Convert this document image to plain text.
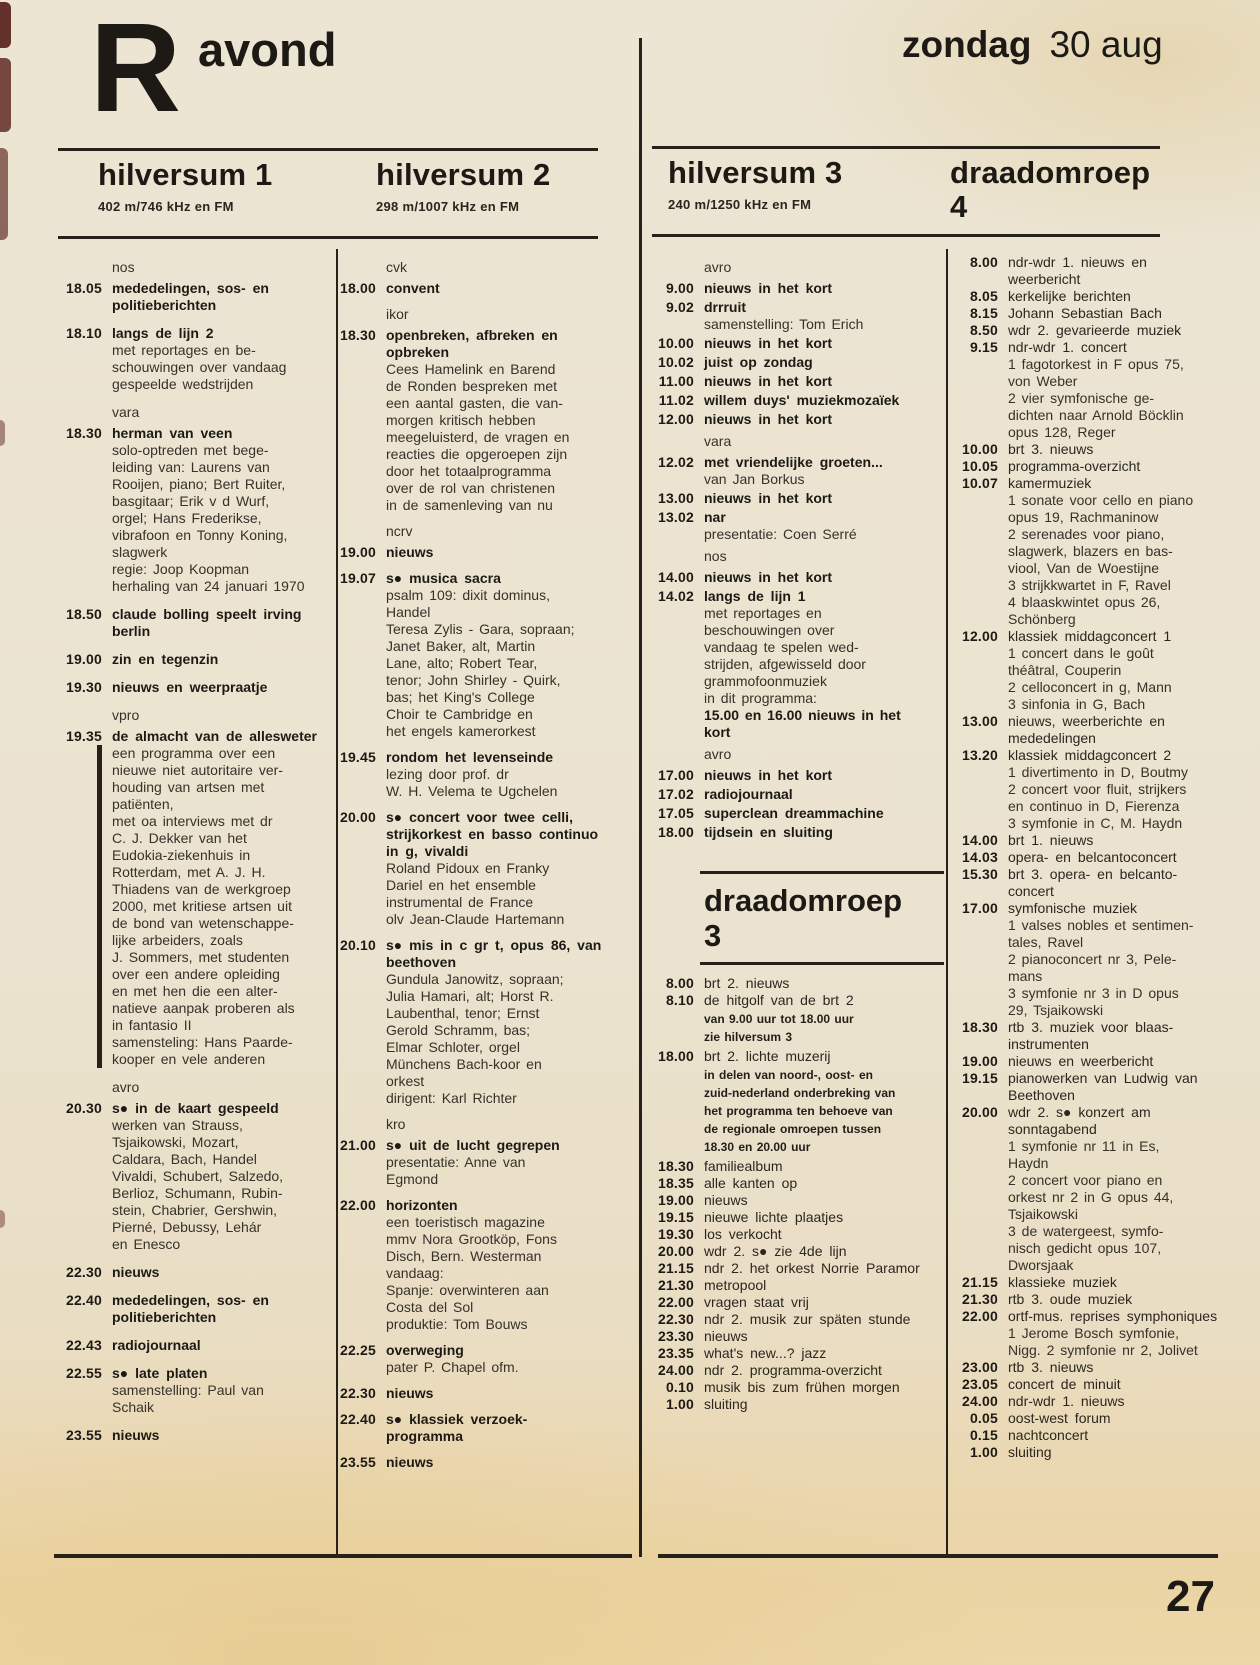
R avond	zondag 30 aug
hilversum 1
402 m/746 kHz en FM
hilversum 2
298 m/1007 kHz en FM
hilversum 3
240 m/1250 kHz en FM
draadomroep
4
nos
18.05 mededelingen, sos- en politieberichten
18.10 langs de lijn 2
met reportages en be-
schouwingen over vandaag
gespeelde wedstrijden
vara
18.30 herman van veen
solo-optreden met bege-
leiding van: Laurens van
Rooijen, piano; Bert Ruiter,
basgitaar; Erik v d Wurf,
orgel; Hans Frederikse,
vibrafoon en Tonny Koning,
slagwerk
regie: Joop Koopman
herhaling van 24 januari 1970
18.50 claude bolling speelt irving berlin
19.00 zin en tegenzin
19.30 nieuws en weerpraatje
vpro
19.35 de almacht van de allesweter
een programma over een
nieuwe niet autoritaire ver-
houding van artsen met
patiënten,
met oa interviews met dr
C. J. Dekker van het
Eudokia-ziekenhuis in
Rotterdam, met A. J. H.
Thiadens van de werkgroep
2000, met kritiese artsen uit
de bond van wetenschappe-
lijke arbeiders, zoals
J. Sommers, met studenten
over een andere opleiding
en met hen die een alter-
natieve aanpak proberen als
in fantasio II
samensteling: Hans Paarde-
kooper en vele anderen
avro
20.30 s● in de kaart gespeeld
werken van Strauss,
Tsjaikowski, Mozart,
Caldara, Bach, Handel
Vivaldi, Schubert, Salzedo,
Berlioz, Schumann, Rubin-
stein, Chabrier, Gershwin,
Pierné, Debussy, Lehár
en Enesco
22.30 nieuws
22.40 mededelingen, sos- en politieberichten
22.43 radiojournaal
22.55 s● late platen
samenstelling: Paul van
Schaik
23.55 nieuws
cvk
18.00 convent
ikor
18.30 openbreken, afbreken en opbreken
Cees Hamelink en Barend
de Ronden bespreken met
een aantal gasten, die van-
morgen kritisch hebben
meegeluisterd, de vragen en
reacties die opgeroepen zijn
door het totaalprogramma
over de rol van christenen
in de samenleving van nu
ncrv
19.00 nieuws
19.07 s● musica sacra
psalm 109: dixit dominus,
Handel
Teresa Zylis - Gara, sopraan;
Janet Baker, alt, Martin
Lane, alto; Robert Tear,
tenor; John Shirley - Quirk,
bas; het King's College
Choir te Cambridge en
het engels kamerorkest
19.45 rondom het levenseinde
lezing door prof. dr
W. H. Velema te Ugchelen
20.00 s● concert voor twee celli, strijkorkest en basso continuo in g, vivaldi
Roland Pidoux en Franky
Dariel en het ensemble
instrumental de France
olv Jean-Claude Hartemann
20.10 s● mis in c gr t, opus 86, van beethoven
Gundula Janowitz, sopraan;
Julia Hamari, alt; Horst R.
Laubenthal, tenor; Ernst
Gerold Schramm, bas;
Elmar Schloter, orgel
Münchens Bach-koor en
orkest
dirigent: Karl Richter
kro
21.00 s● uit de lucht gegrepen
presentatie: Anne van
Egmond
22.00 horizonten
een toeristisch magazine
mmv Nora Grootköp, Fons
Disch, Bern. Westerman
vandaag:
Spanje: overwinteren aan
Costa del Sol
produktie: Tom Bouws
22.25 overweging
pater P. Chapel ofm.
22.30 nieuws
22.40 s● klassiek verzoek-programma
23.55 nieuws
avro
9.00 nieuws in het kort
9.02 drrruit
samenstelling: Tom Erich
10.00 nieuws in het kort
10.02 juist op zondag
11.00 nieuws in het kort
11.02 willem duys' muziekmozaïek
12.00 nieuws in het kort
vara
12.02 met vriendelijke groeten...
van Jan Borkus
13.00 nieuws in het kort
13.02 nar
presentatie: Coen Serré
nos
14.00 nieuws in het kort
14.02 langs de lijn 1
met reportages en
beschouwingen over
vandaag te spelen wed-
strijden, afgewisseld door
grammofoonmuziek
in dit programma:
15.00 en 16.00 nieuws in het
kort
avro
17.00 nieuws in het kort
17.02 radiojournaal
17.05 superclean dreammachine
18.00 tijdsein en sluiting
draadomroep
3
8.00 brt 2. nieuws
8.10 de hitgolf van de brt 2
van 9.00 uur tot 18.00 uur
zie hilversum 3
18.00 brt 2. lichte muzerij
in delen van noord-, oost- en
zuid-nederland onderbreking van
het programma ten behoeve van
de regionale omroepen tussen
18.30 en 20.00 uur
18.30 familiealbum
18.35 alle kanten op
19.00 nieuws
19.15 nieuwe lichte plaatjes
19.30 los verkocht
20.00 wdr 2. s● zie 4de lijn
21.15 ndr 2. het orkest Norrie Paramor
21.30 metropool
22.00 vragen staat vrij
22.30 ndr 2. musik zur späten stunde
23.30 nieuws
23.35 what's new...? jazz
24.00 ndr 2. programma-overzicht
0.10 musik bis zum frühen morgen
1.00 sluiting
8.00 ndr-wdr 1. nieuws en weerbericht
8.05 kerkelijke berichten
8.15 Johann Sebastian Bach
8.50 wdr 2. gevarieerde muziek
9.15 ndr-wdr 1. concert
1 fagotorkest in F opus 75,
von Weber
2 vier symfonische ge-
dichten naar Arnold Böcklin
opus 128, Reger
10.00 brt 3. nieuws
10.05 programma-overzicht
10.07 kamermuziek
1 sonate voor cello en piano
opus 19, Rachmaninow
2 serenades voor piano,
slagwerk, blazers en bas-
viool, Van de Woestijne
3 strijkkwartet in F, Ravel
4 blaaskwintet opus 26,
Schönberg
12.00 klassiek middagconcert 1
1 concert dans le goût
théâtral, Couperin
2 celloconcert in g, Mann
3 sinfonia in G, Bach
13.00 nieuws, weerberichte en mededelingen
13.20 klassiek middagconcert 2
1 divertimento in D, Boutmy
2 concert voor fluit, strijkers
en continuo in D, Fierenza
3 symfonie in C, M. Haydn
14.00 brt 1. nieuws
14.03 opera- en belcantoconcert
15.30 brt 3. opera- en belcanto-concert
17.00 symfonische muziek
1 valses nobles et sentimen-
tales, Ravel
2 pianoconcert nr 3, Pele-
mans
3 symfonie nr 3 in D opus
29, Tsjaikowski
18.30 rtb 3. muziek voor blaas-instrumenten
19.00 nieuws en weerbericht
19.15 pianowerken van Ludwig van Beethoven
20.00 wdr 2. s● konzert am sonntagabend
1 symfonie nr 11 in Es,
Haydn
2 concert voor piano en
orkest nr 2 in G opus 44,
Tsjaikowski
3 de watergeest, symfo-
nisch gedicht opus 107,
Dworsjaak
21.15 klassieke muziek
21.30 rtb 3. oude muziek
22.00 ortf-mus. reprises symphoniques
1 Jerome Bosch symfonie,
Nigg. 2 symfonie nr 2, Jolivet
23.00 rtb 3. nieuws
23.05 concert de minuit
24.00 ndr-wdr 1. nieuws
0.05 oost-west forum
0.15 nachtconcert
1.00 sluiting
27
